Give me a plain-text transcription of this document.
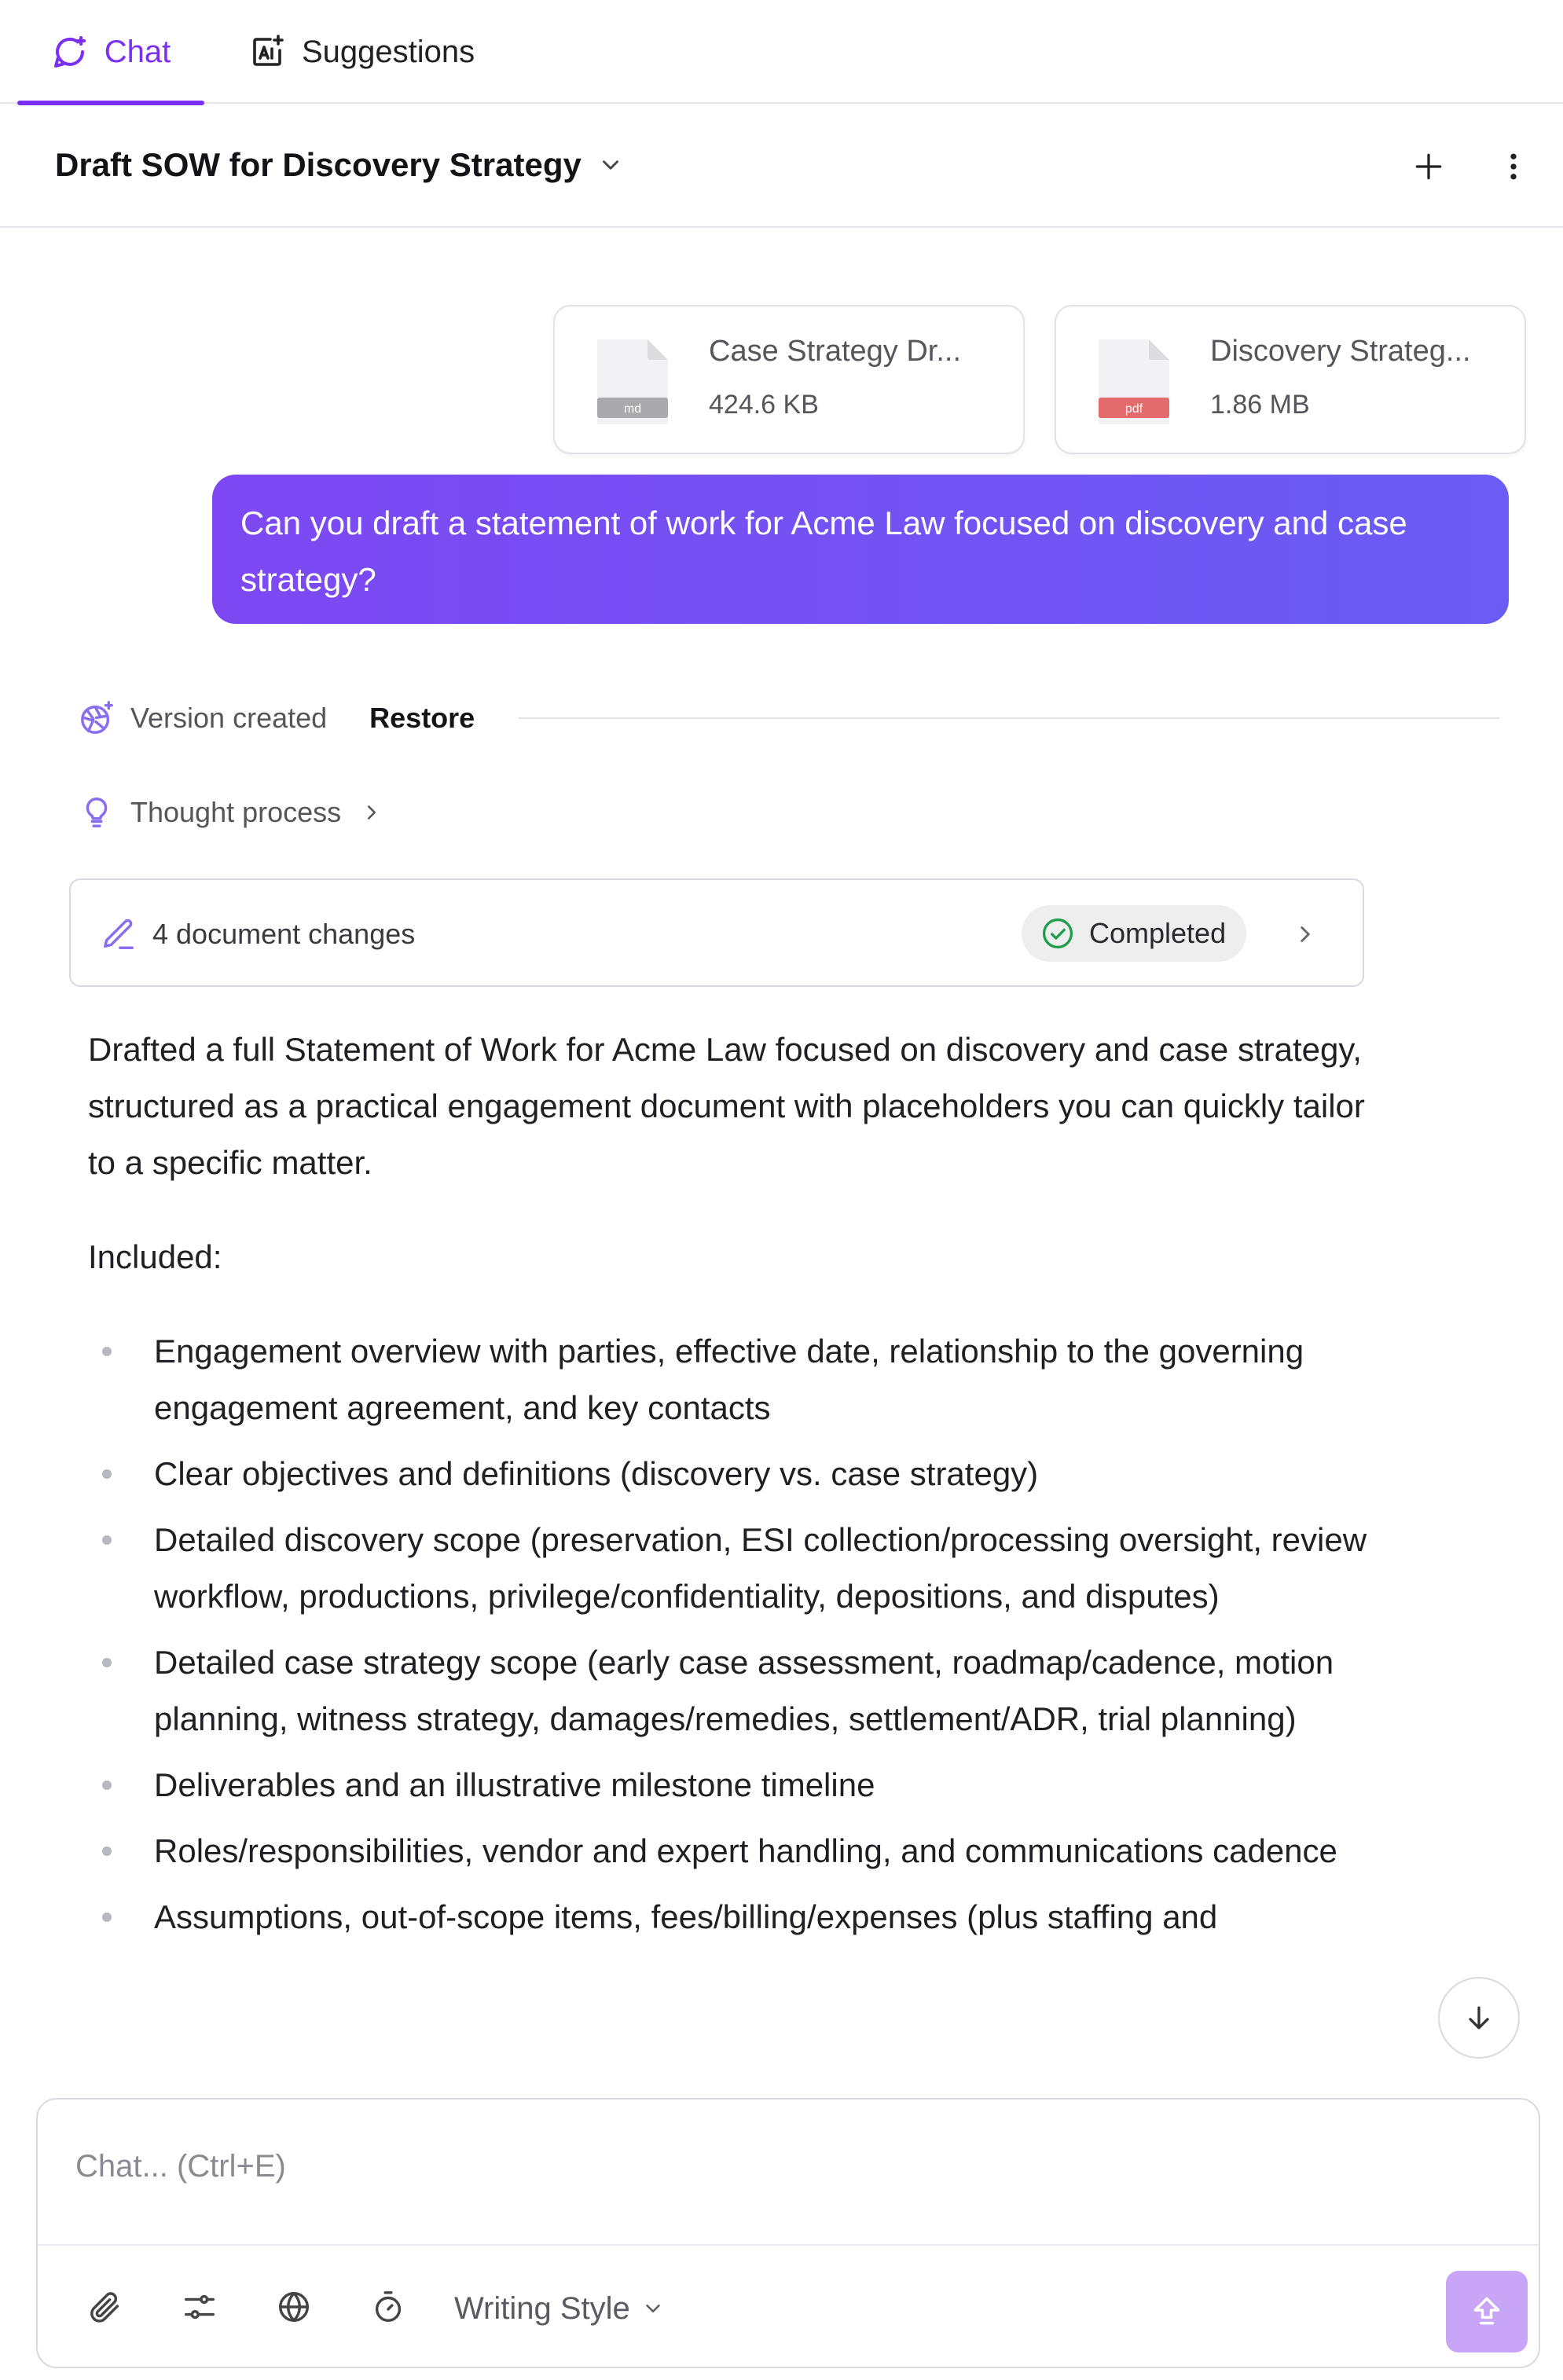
Chat	Suggestions
Draft SOW for Discovery Strategy
md
Case Strategy Dr...
424.6 KB	pdf
Discovery Strateg...
1.86 MB
Can you draft a statement of work for Acme Law focused on discovery and case strategy?
Version created Restore
Thought process
4 document changes	Completed

Drafted a full Statement of Work for Acme Law focused on discovery and case strategy, structured as a practical engagement document with placeholders you can quickly tailor to a specific matter.

Included:

Engagement overview with parties, effective date, relationship to the governing engagement agreement, and key contacts
Clear objectives and definitions (discovery vs. case strategy)
Detailed discovery scope (preservation, ESI collection/processing oversight, review workflow, productions, privilege/confidentiality, depositions, and disputes)
Detailed case strategy scope (early case assessment, roadmap/cadence, motion planning, witness strategy, damages/remedies, settlement/ADR, trial planning)
Deliverables and an illustrative milestone timeline
Roles/responsibilities, vendor and expert handling, and communications cadence
Assumptions, out-of-scope items, fees/billing/expenses (plus staffing and
Chat... (Ctrl+E)
Writing Style
